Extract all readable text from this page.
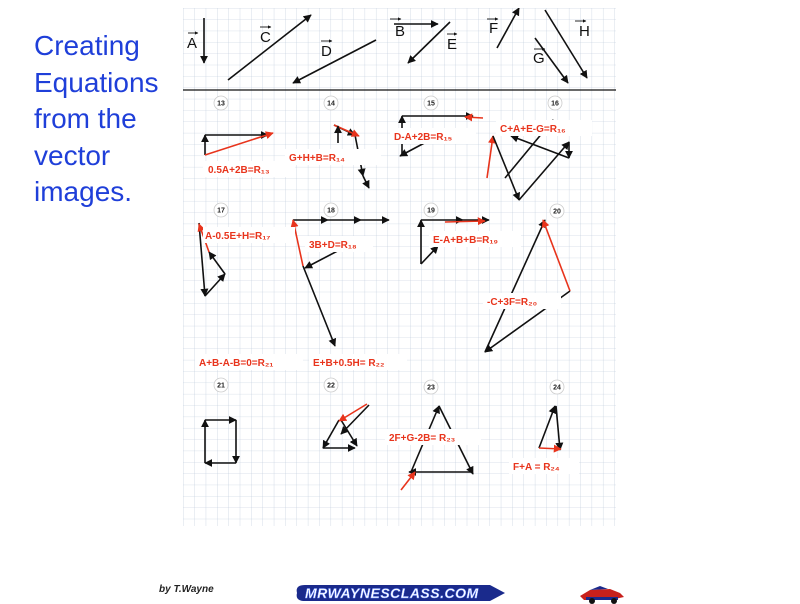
Creating
Equations
from the
vector
images.
A	C
D
B
E
F
G
H
13	14	15	16
17	18	19	20
21	22	23	24
0.5A+2B=R₁₃
G+H+B=R₁₄
D-A+2B=R₁₅
C+A+E-G=R₁₆
A-0.5E+H=R₁₇
3B+D=R₁₈	E-A+B+B=R₁₉
-C+3F=R₂₀
A+B-A-B=0=R₂₁	E+B+0.5H= R₂₂
2F+G-2B= R₂₃
F+A = R₂₄
by T.Wayne	MRWAYNESCLASS.COM
